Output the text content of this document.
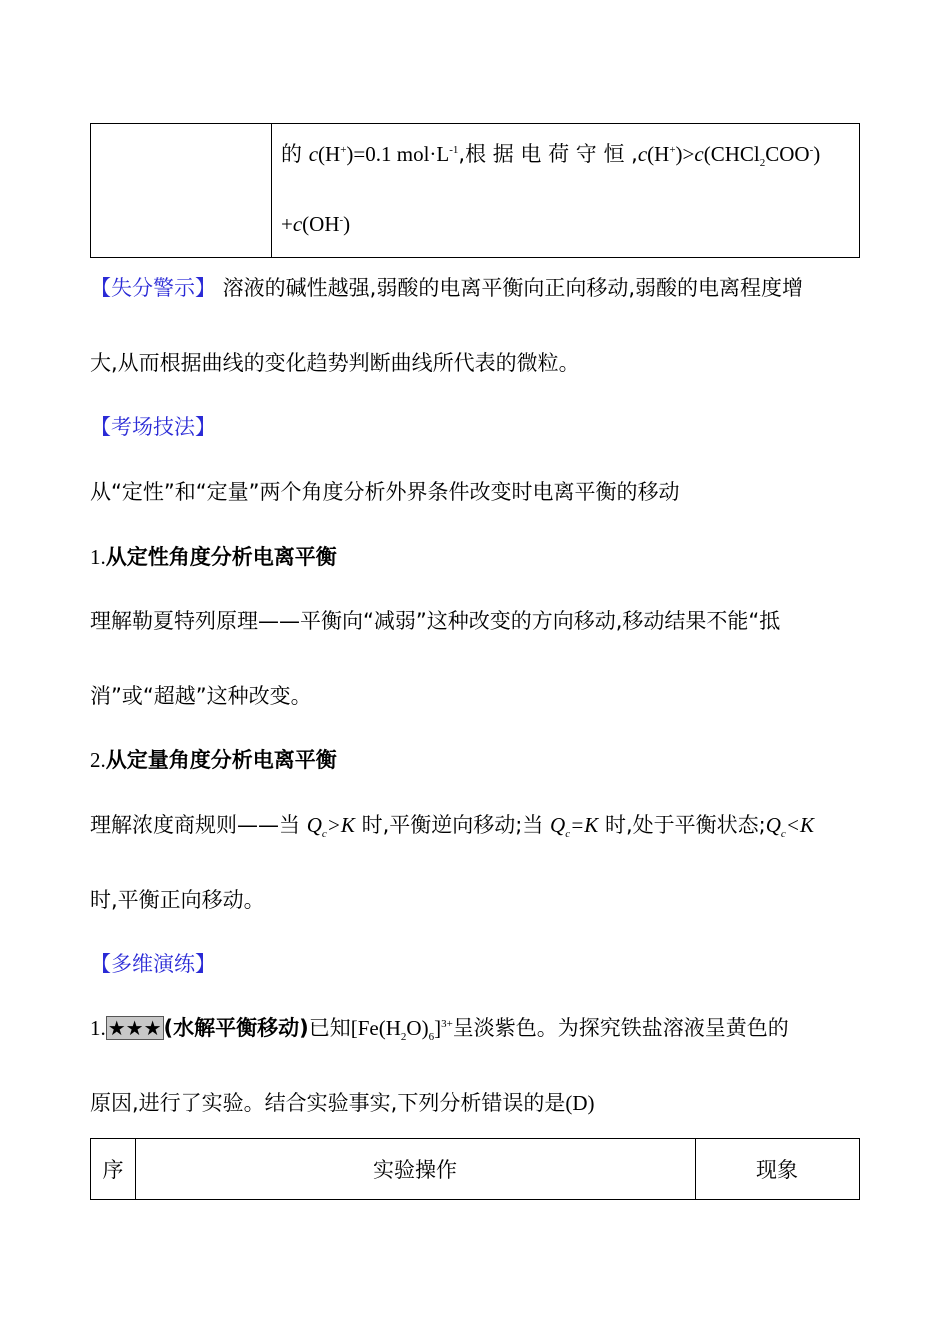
的 c(H+)=0.1 $mol\cdot L^{-1}$,根 据 电 荷 守 恒 ,c(H+)>c(CHCl$_2$COO-)
+c(OH-)
【失分警示】 溶液的碱性越强,弱酸的电离平衡向正向移动,弱酸的电离程度增
大,从而根据曲线的变化趋势判断曲线所代表的微粒。
【考场技法】
从“定性”和“定量”两个角度分析外界条件改变时电离平衡的移动
1.从定性角度分析电离平衡
理解勒夏特列原理——平衡向“减弱”这种改变的方向移动,移动结果不能“抵
消”或“超越”这种改变。
2.从定量角度分析电离平衡
理解浓度商规则——当 $Q_c>K$ 时,平衡逆向移动;当 $Q_c=K$ 时,处于平衡状态$;Q_c<K$
时,平衡正向移动。
【多维演练】
1. ★★★(水解平衡移动)已知$[Fe(H_2O)_6]^{3+}$呈淡紫色。为探究铁盐溶液呈黄色的
原因,进行了实验。结合实验事实,下列分析错误的是(D)
序	实验操作	现象
